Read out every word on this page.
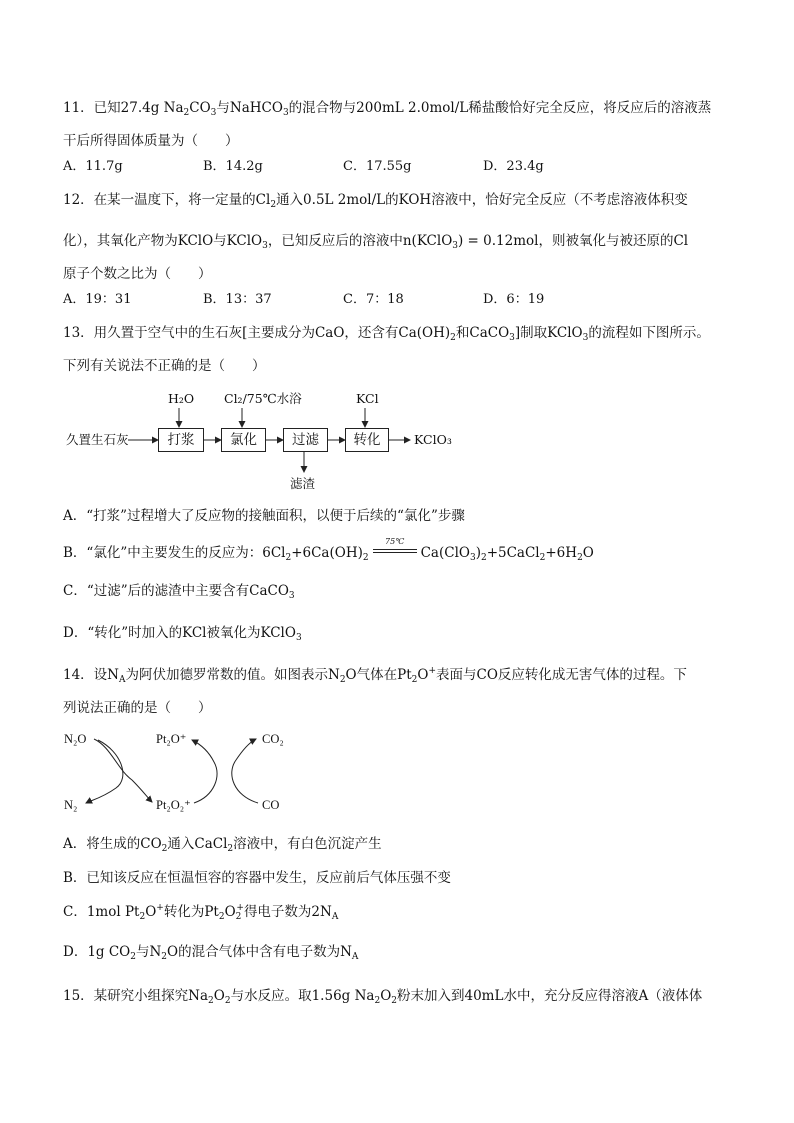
11．已知27.4g $Na_2CO_3$与NaHCO$_3$的混合物与200mL 2.0mol/L稀盐酸恰好完全反应，将反应后的溶液蒸
干后所得固体质量为（　　）
A．11.7g	B．14.2g	C．17.55g	D．23.4g
12．在某一温度下，将一定量的$Cl_2$通入0.5L 2mol/L的KOH溶液中，恰好完全反应（不考虑溶液体积变
化），其氧化产物为KClO与KClO$_3$，已知反应后的溶液中n(KClO$_3$) = 0.12mol，则被氧化与被还原的Cl
原子个数之比为（　　）
A．19：31	B．13：37	C．7：18	D．6：19
13．用久置于空气中的生石灰[主要成分为CaO，还含有$Ca(OH)_2$和CaCO$_3$]制取KClO$_3$的流程如下图所示。
下列有关说法不正确的是（　　）
久置生石灰	打浆	氯化	过滤	转化	KClO₃
H₂O Cl₂/75℃水浴	KCl
滤渣
A．“打浆”过程增大了反应物的接触面积，以便于后续的“氯化”步骤
B．“氯化”中主要发生的反应为：$6Cl_2+6Ca(OH)_2$
75℃
$Ca(ClO_3)_2+5CaCl_2+6H_2O$
C．“过滤”后的滤渣中主要含有CaCO$_3$
D．“转化”时加入的KCl被氧化为KClO$_3$
14．设$N_A$为阿伏加德罗常数的值。如图表示$N_2O$气体在$Pt_2O^+$表面与CO反应转化成无害气体的过程。下
列说法正确的是（　　）
N₂O	Pt₂O⁺	CO₂
N₂	Pt₂O₂⁺	CO
A．将生成的$CO_2$通入CaCl$_2$溶液中，有白色沉淀产生
B．已知该反应在恒温恒容的容器中发生，反应前后气体压强不变
C．1mol $Pt_2O^+$转化为$Pt_2O_2^+$得电子数为$2N_A$
D．1g $CO_2$与$N_2O$的混合气体中含有电子数为$N_A$
15．某研究小组探究$Na_2O_2$与水反应。取1.56g $Na_2O_2$粉末加入到40mL水中，充分反应得溶液A（液体体
